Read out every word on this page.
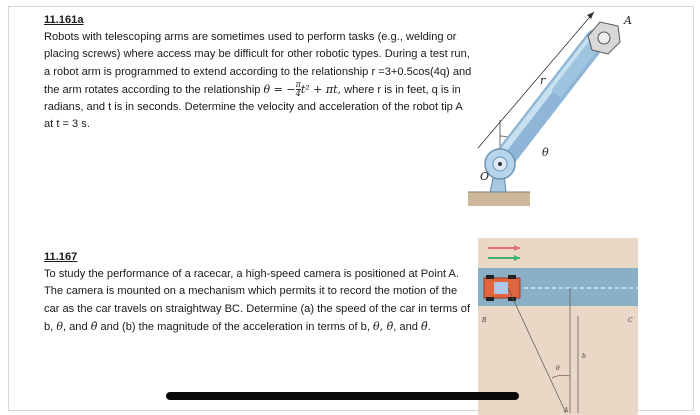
11.161a
Robots with telescoping arms are sometimes used to perform tasks (e.g., welding or placing screws) where access may be difficult for other robotic types. During a test run, a robot arm is programmed to extend according to the relationship r =3+0.5cos(4q) and the arm rotates according to the relationship θ = − $\frac{\pi}{4} t^2 + \pi t$, where r is in feet, q is in radians, and t is in seconds. Determine the velocity and acceleration of the robot tip A at t = 3 s.
11.167
To study the performance of a racecar, a high-speed camera is positioned at Point A. The camera is mounted on a mechanism which permits it to record the motion of the car as the car travels on straightway BC. Determine (a) the speed of the car in terms of b, θ, and θ̇ and (b) the magnitude of the acceleration in terms of b, θ, θ̇, and θ̈.
A
r
θ
O
B	C
b
θ
A
